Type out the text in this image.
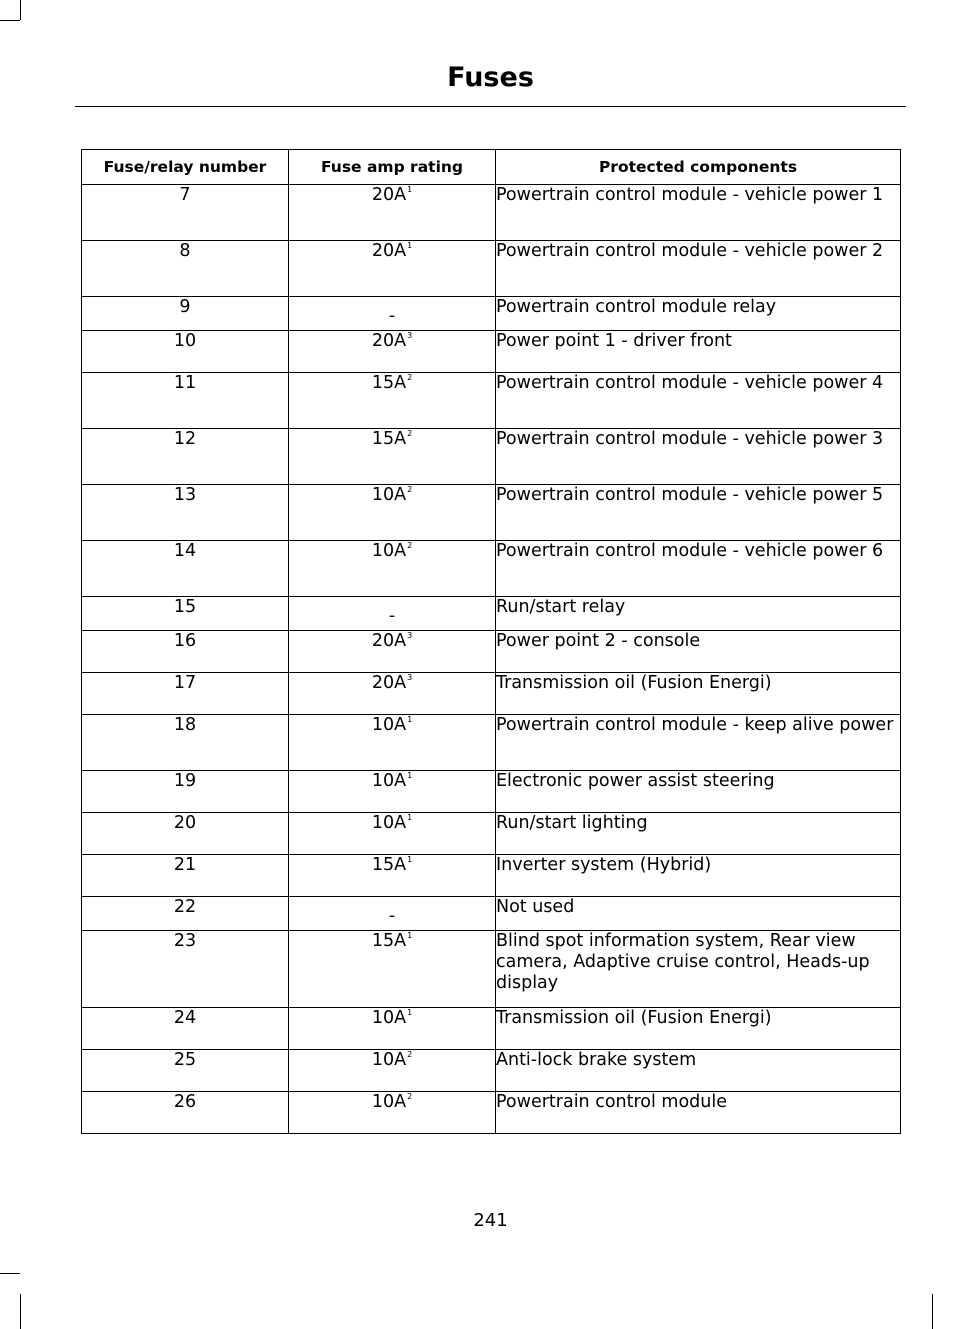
Fuses
Fuse/relay number	Fuse amp rating	Protected components
7	$20A^1$	Powertrain control module - vehicle power 1
8	$20A^1$	Powertrain control module - vehicle power 2
9	-	Powertrain control module relay
10	$20A^3$	Power point 1 - driver front
11	$15A^2$	Powertrain control module - vehicle power 4
12	$15A^2$	Powertrain control module - vehicle power 3
13	$10A^2$	Powertrain control module - vehicle power 5
14	$10A^2$	Powertrain control module - vehicle power 6
15	-	Run/start relay
16	$20A^3$	Power point 2 - console
17	$20A^3$	Transmission oil (Fusion Energi)
18	$10A^1$	Powertrain control module - keep alive power
19	$10A^1$	Electronic power assist steering
20	$10A^1$	Run/start lighting
21	$15A^1$	Inverter system (Hybrid)
22	-	Not used
23	$15A^1$	Blind spot information system, Rear view camera, Adaptive cruise control, Heads-up display
24	$10A^1$	Transmission oil (Fusion Energi)
25	$10A^2$	Anti-lock brake system
26	$10A^2$	Powertrain control module
241
